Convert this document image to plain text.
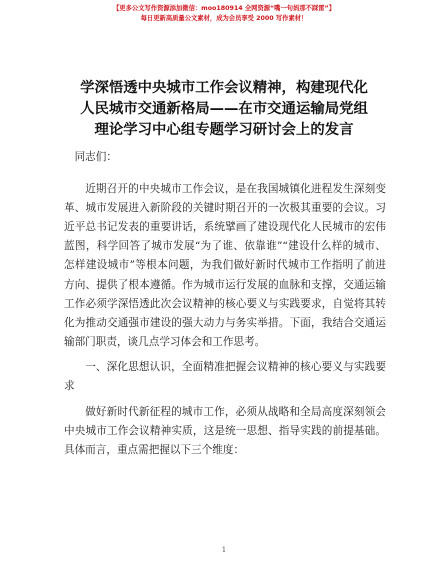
【更多公文写作资源添加微信：moo180914 全网资源“嘴一句妈那不踩雷”】
每日更新高质量公文素材，成为会员享受 2000 写作素材！
学深悟透中央城市工作会议精神，构建现代化
人民城市交通新格局——在市交通运输局党组
理论学习中心组专题学习研讨会上的发言

同志们：

近期召开的中央城市工作会议，是在我国城镇化进程发生深刻变革、城市发展进入新阶段的关键时期召开的一次极其重要的会议。习近平总书记发表的重要讲话，系统擘画了建设现代化人民城市的宏伟蓝图，科学回答了城市发展“为了谁、依靠谁”“建设什么样的城市、怎样建设城市”等根本问题，为我们做好新时代城市工作指明了前进方向、提供了根本遵循。作为城市运行发展的血脉和支撑，交通运输工作必须学深悟透此次会议精神的核心要义与实践要求，自觉将其转化为推动交通强市建设的强大动力与务实举措。下面，我结合交通运输部门职责，谈几点学习体会和工作思考。

一、深化思想认识，全面精准把握会议精神的核心要义与实践要求

做好新时代新征程的城市工作，必须从战略和全局高度深刻领会中央城市工作会议精神实质，这是统一思想、指导实践的前提基础。具体而言，重点需把握以下三个维度：

1
